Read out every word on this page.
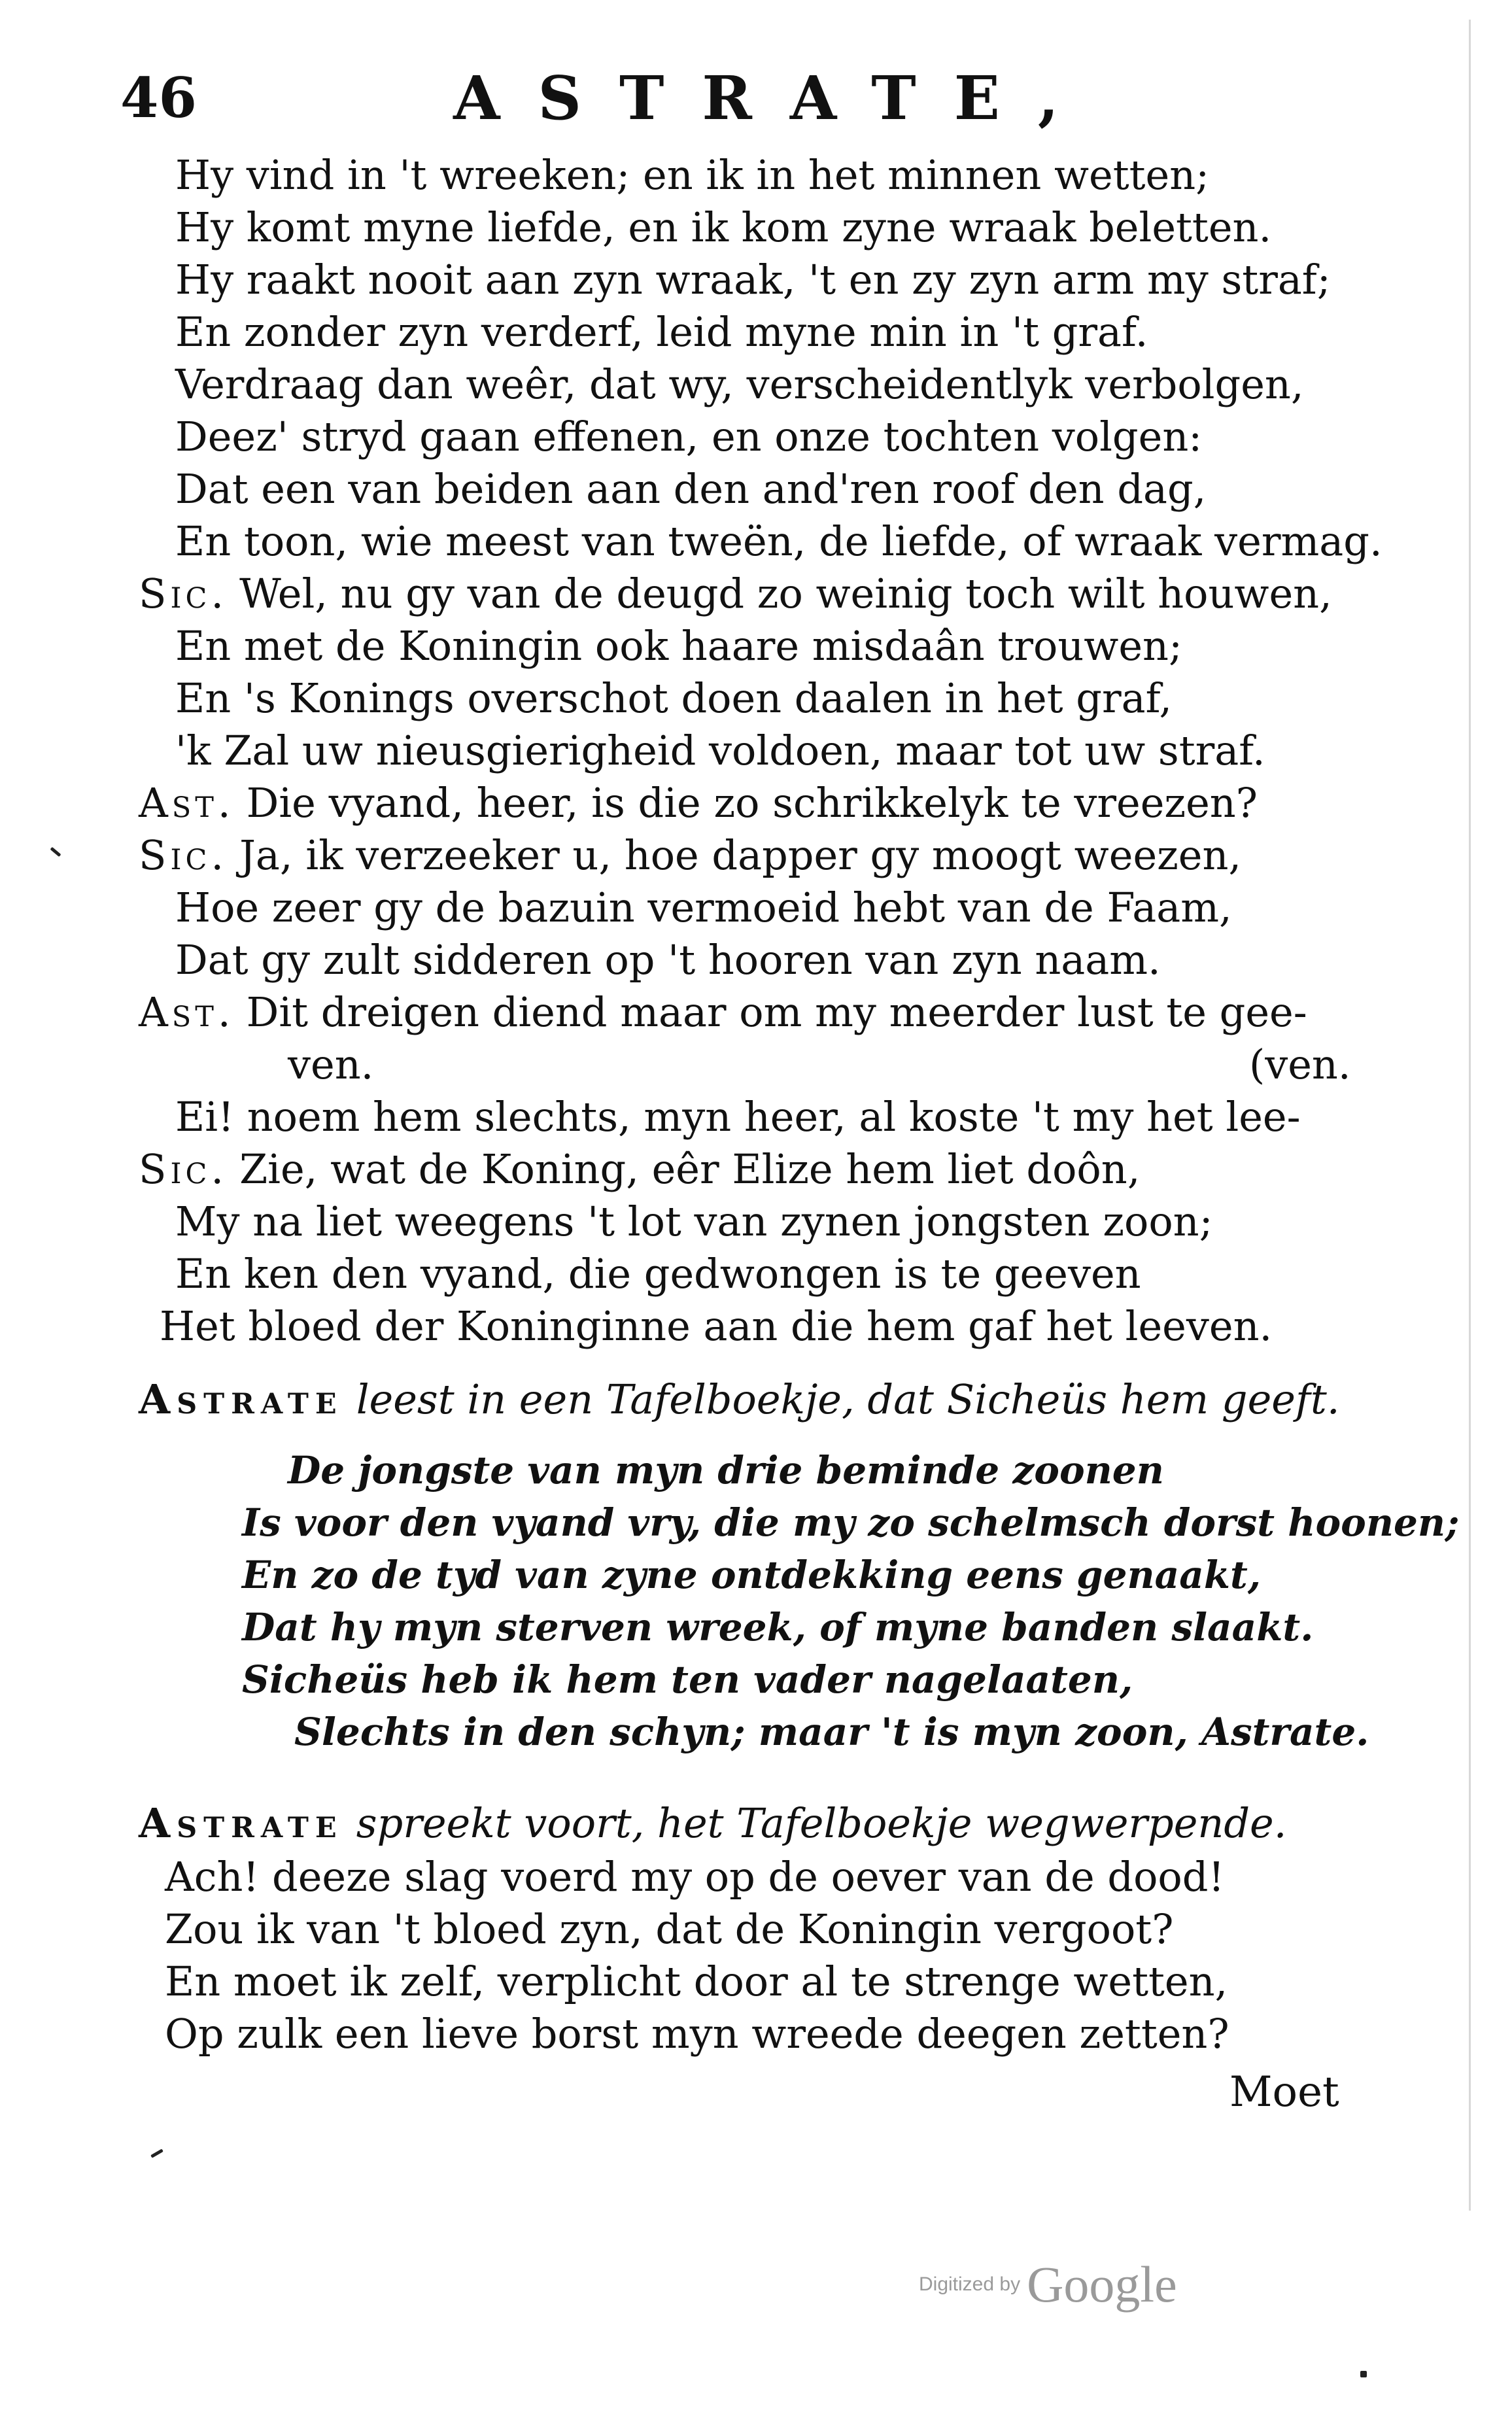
46	ASTRATE,
Hy vind in 't wreeken; en ik in het minnen wetten;
Hy komt myne liefde, en ik kom zyne wraak beletten.
Hy raakt nooit aan zyn wraak, 't en zy zyn arm my straf;
En zonder zyn verderf, leid myne min in 't graf.
Verdraag dan weêr, dat wy, verscheidentlyk verbolgen,
Deez' stryd gaan effenen, en onze tochten volgen:
Dat een van beiden aan den and'ren roof den dag,
En toon, wie meest van tweën, de liefde, of wraak vermag.
Sic. Wel, nu gy van de deugd zo weinig toch wilt houwen,
En met de Koningin ook haare misdaân trouwen;
En 's Konings overschot doen daalen in het graf,
'k Zal uw nieusgierigheid voldoen, maar tot uw straf.
Ast. Die vyand, heer, is die zo schrikkelyk te vreezen?
Sic. Ja, ik verzeeker u, hoe dapper gy moogt weezen,
Hoe zeer gy de bazuin vermoeid hebt van de Faam,
Dat gy zult sidderen op 't hooren van zyn naam.
Ast. Dit dreigen diend maar om my meerder lust te gee-
ven.	(ven.
Ei! noem hem slechts, myn heer, al koste 't my het lee-
Sic. Zie, wat de Koning, eêr Elize hem liet doôn,
My na liet weegens 't lot van zynen jongsten zoon;
En ken den vyand, die gedwongen is te geeven
Het bloed der Koninginne aan die hem gaf het leeven.
Astrate leest in een Tafelboekje, dat Sicheüs hem geeft.
De jongste van myn drie beminde zoonen
Is voor den vyand vry, die my zo schelmsch dorst hoonen;
En zo de tyd van zyne ontdekking eens genaakt,
Dat hy myn sterven wreek, of myne banden slaakt.
Sicheüs heb ik hem ten vader nagelaaten,
Slechts in den schyn; maar 't is myn zoon, Astrate.
Astrate spreekt voort, het Tafelboekje wegwerpende.
Ach! deeze slag voerd my op de oever van de dood!
Zou ik van 't bloed zyn, dat de Koningin vergoot?
En moet ik zelf, verplicht door al te strenge wetten,
Op zulk een lieve borst myn wreede deegen zetten?
Moet
Digitized by Google
